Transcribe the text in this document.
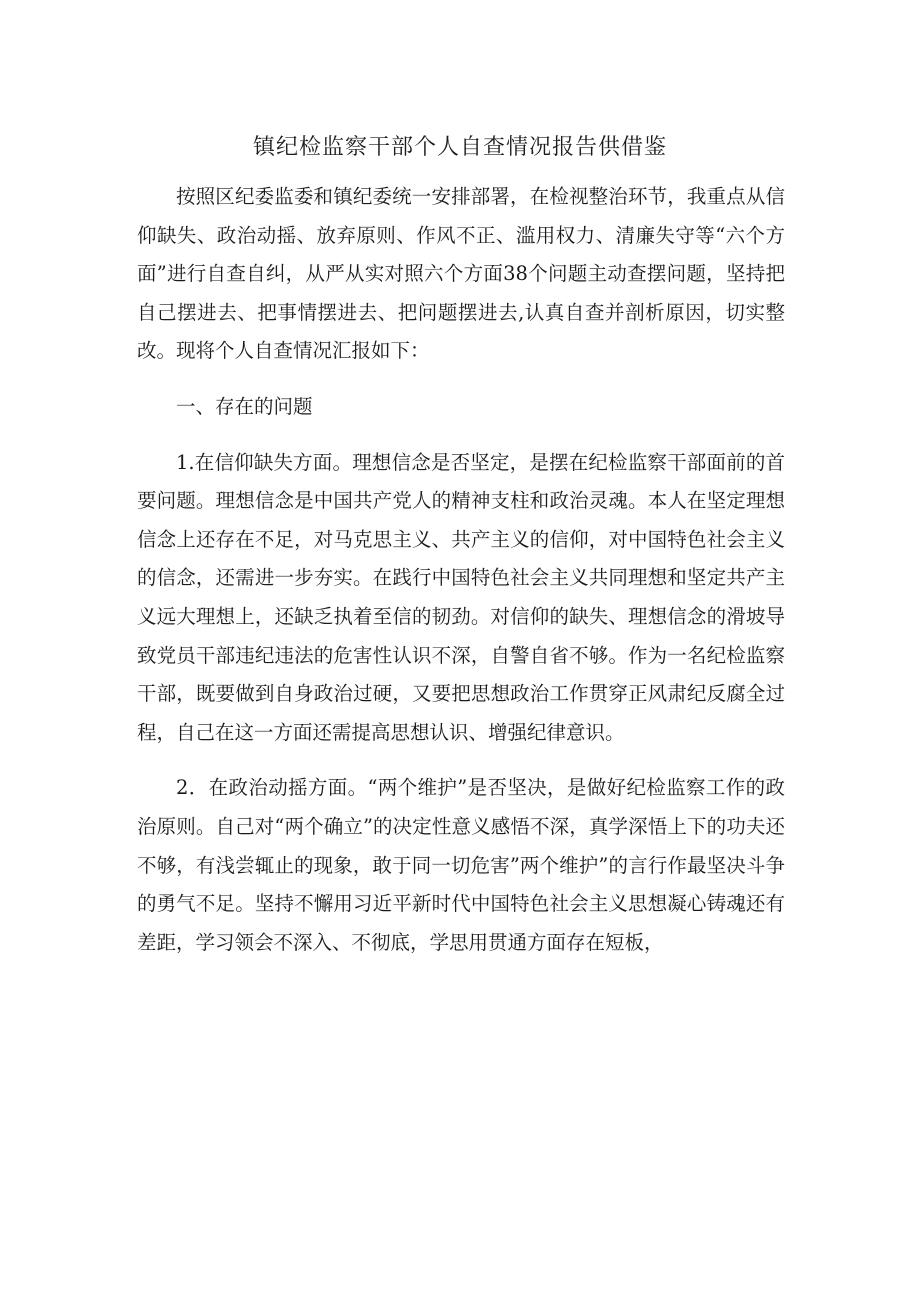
镇纪检监察干部个人自查情况报告供借鉴

按照区纪委监委和镇纪委统一安排部署，在检视整治环节，我重点从信仰缺失、政治动摇、放弃原则、作风不正、滥用权力、清廉失守等“六个方面”进行自查自纠，从严从实对照六个方面38个问题主动查摆问题，坚持把自己摆进去、把事情摆进去、把问题摆进去,认真自查并剖析原因，切实整改。现将个人自查情况汇报如下：

一、存在的问题

1.在信仰缺失方面。理想信念是否坚定，是摆在纪检监察干部面前的首要问题。理想信念是中国共产党人的精神支柱和政治灵魂。本人在坚定理想信念上还存在不足，对马克思主义、共产主义的信仰，对中国特色社会主义的信念，还需进一步夯实。在践行中国特色社会主义共同理想和坚定共产主义远大理想上，还缺乏执着至信的韧劲。对信仰的缺失、理想信念的滑坡导致党员干部违纪违法的危害性认识不深，自警自省不够。作为一名纪检监察干部，既要做到自身政治过硬，又要把思想政治工作贯穿正风肃纪反腐全过程，自己在这一方面还需提高思想认识、增强纪律意识。

2．在政治动摇方面。“两个维护”是否坚决，是做好纪检监察工作的政治原则。自己对“两个确立”的决定性意义感悟不深，真学深悟上下的功夫还不够，有浅尝辄止的现象，敢于同一切危害”两个维护”的言行作最坚决斗争的勇气不足。坚持不懈用习近平新时代中国特色社会主义思想凝心铸魂还有差距，学习领会不深入、不彻底，学思用贯通方面存在短板，
